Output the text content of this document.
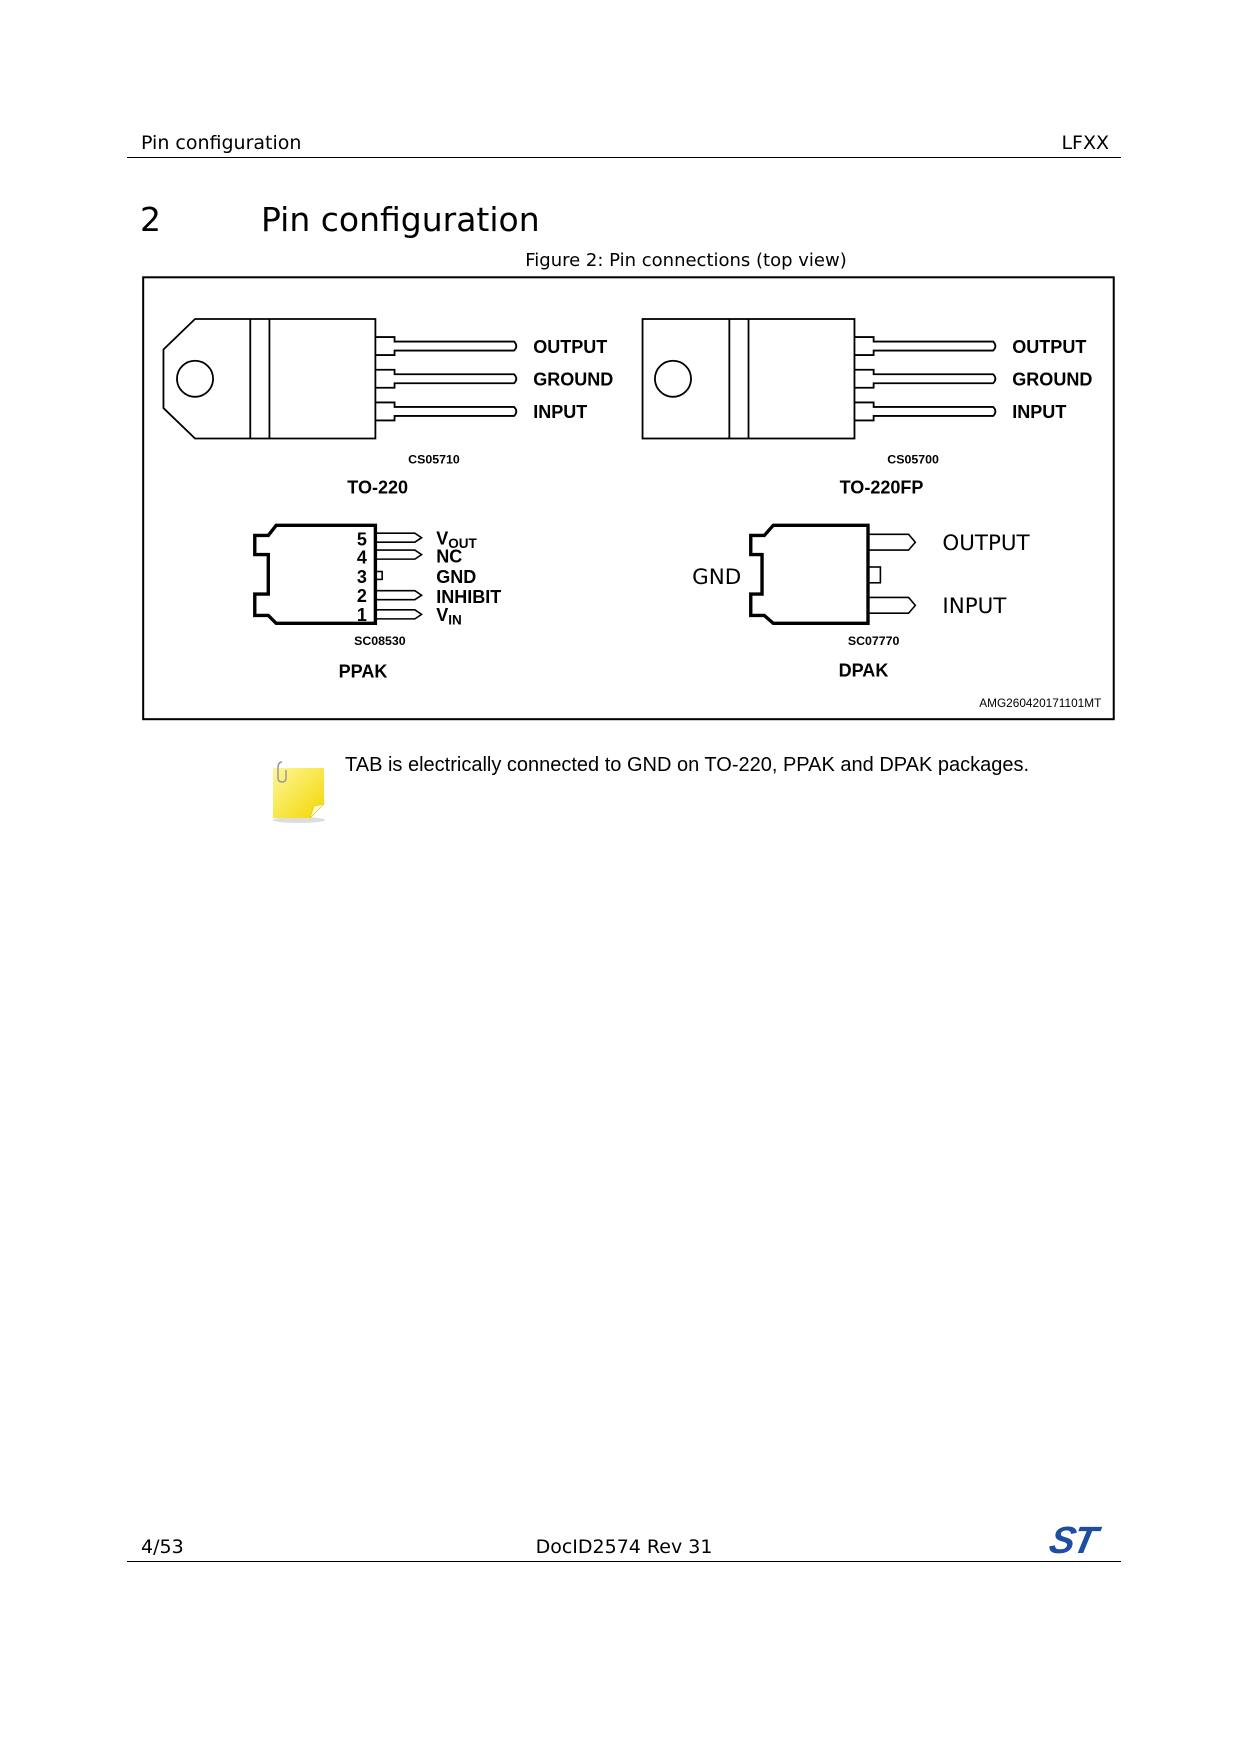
Pin configuration	LFXX
2	Pin configuration
Figure 2: Pin connections (top view)
OUTPUT
GROUND
INPUT
CS05710
TO-220
OUTPUT
GROUND
INPUT
CS05700
TO-220FP
5
4
3
2
1
VOUT
NC
GND
INHIBIT
VIN
SC08530
PPAK
GND
OUTPUT
INPUT
SC07770
DPAK
AMG260420171101MT
TAB is electrically connected to GND on TO-220, PPAK and DPAK packages.
4/53	DocID2574 Rev 31	ST
